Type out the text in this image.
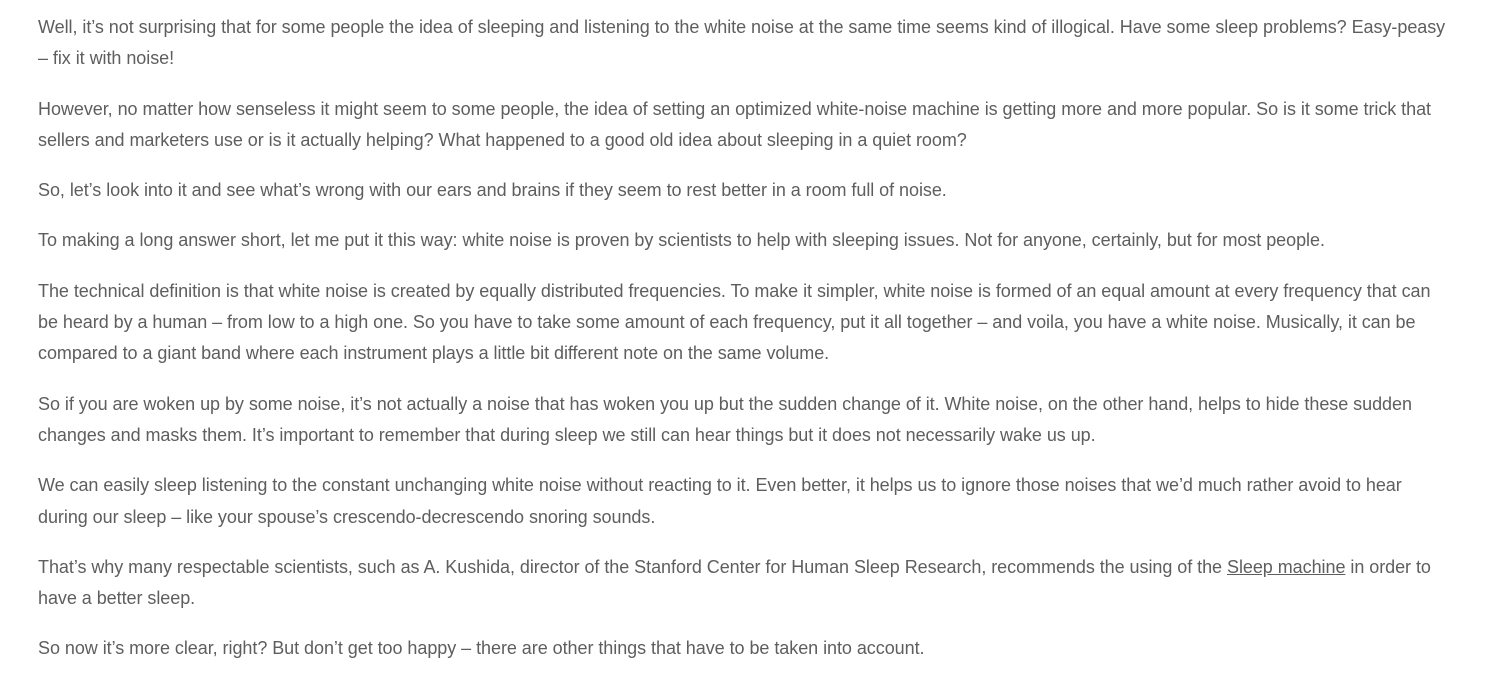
Well, it’s not surprising that for some people the idea of sleeping and listening to the white noise at the same time seems kind of illogical. Have some sleep problems? Easy-peasy – fix it with noise!

However, no matter how senseless it might seem to some people, the idea of setting an optimized white-noise machine is getting more and more popular. So is it some trick that sellers and marketers use or is it actually helping? What happened to a good old idea about sleeping in a quiet room?

So, let’s look into it and see what’s wrong with our ears and brains if they seem to rest better in a room full of noise.

To making a long answer short, let me put it this way: white noise is proven by scientists to help with sleeping issues. Not for anyone, certainly, but for most people.

The technical definition is that white noise is created by equally distributed frequencies. To make it simpler, white noise is formed of an equal amount at every frequency that can be heard by a human – from low to a high one. So you have to take some amount of each frequency, put it all together – and voila, you have a white noise. Musically, it can be compared to a giant band where each instrument plays a little bit different note on the same volume.

So if you are woken up by some noise, it’s not actually a noise that has woken you up but the sudden change of it. White noise, on the other hand, helps to hide these sudden changes and masks them. It’s important to remember that during sleep we still can hear things but it does not necessarily wake us up.

We can easily sleep listening to the constant unchanging white noise without reacting to it. Even better, it helps us to ignore those noises that we’d much rather avoid to hear during our sleep – like your spouse’s crescendo-decrescendo snoring sounds.

That’s why many respectable scientists, such as A. Kushida, director of the Stanford Center for Human Sleep Research, recommends the using of the Sleep machine in order to have a better sleep.

So now it’s more clear, right? But don’t get too happy – there are other things that have to be taken into account.
